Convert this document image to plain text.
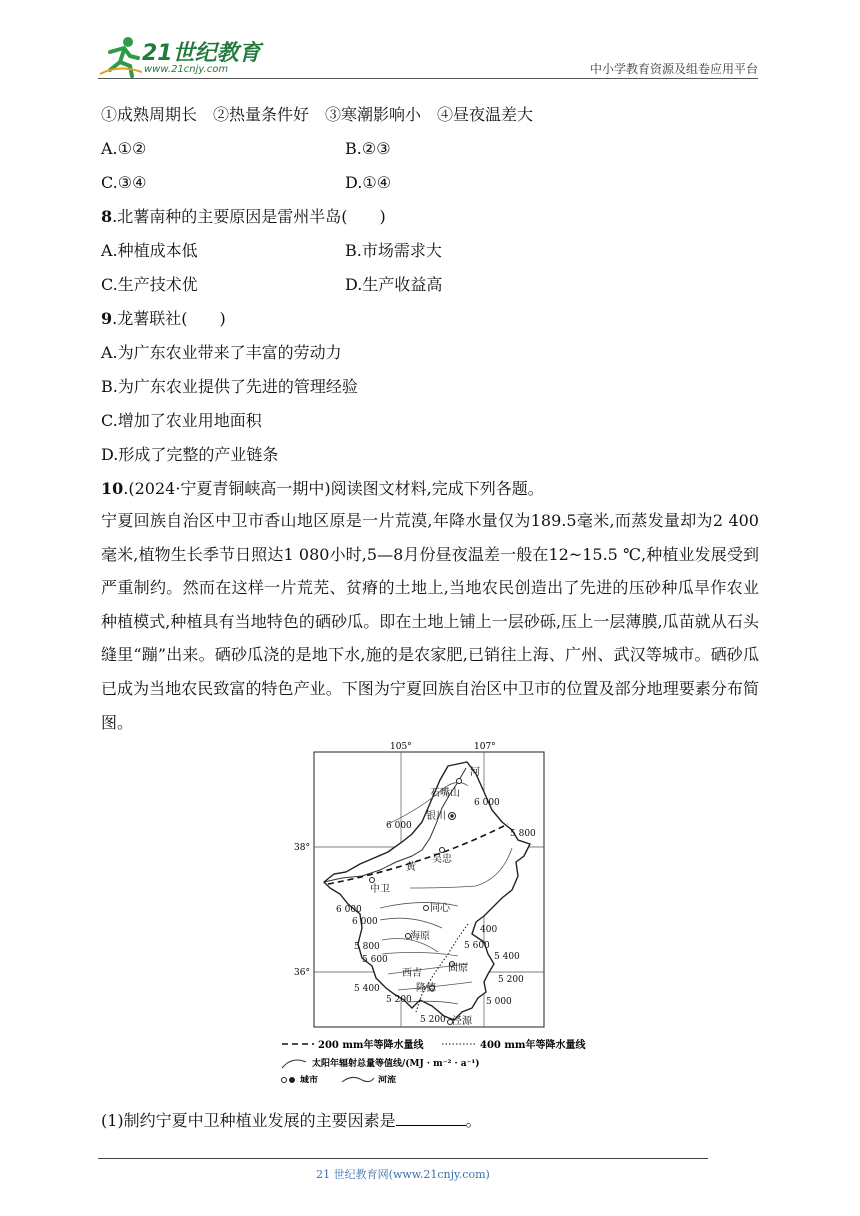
21世纪教育
www.21cnjy.com	中小学教育资源及组卷应用平台
①成熟周期长　②热量条件好　③寒潮影响小　④昼夜温差大
A.①②	B.②③
C.③④	D.①④
8.北薯南种的主要原因是雷州半岛(　　)
A.种植成本低	B.市场需求大
C.生产技术优	D.生产收益高
9.龙薯联社(　　)
A.为广东农业带来了丰富的劳动力
B.为广东农业提供了先进的管理经验
C.增加了农业用地面积
D.形成了完整的产业链条
10.(2024·宁夏青铜峡高一期中)阅读图文材料,完成下列各题。
宁夏回族自治区中卫市香山地区原是一片荒漠,年降水量仅为189.5毫米,而蒸发量却为2 400毫米,植物生长季节日照达1 080小时,5—8月份昼夜温差一般在12~15.5 ℃,种植业发展受到严重制约。然而在这样一片荒芜、贫瘠的土地上,当地农民创造出了先进的压砂种瓜旱作农业种植模式,种植具有当地特色的硒砂瓜。即在土地上铺上一层砂砾,压上一层薄膜,瓜苗就从石头缝里“蹦”出来。硒砂瓜浇的是地下水,施的是农家肥,已销往上海、广州、武汉等城市。硒砂瓜已成为当地农民致富的特色产业。下图为宁夏回族自治区中卫市的位置及部分地理要素分布简图。
105°	107°
38°
36°
石嘴山
银川
吴忠
中卫
同心
海原
固原
西吉
隆德
泾源
河
黄
6 000
6 000
5 800
6 000
6 000
5 800
5 600
400
5 600
5 400
5 400
5 200
5 200
5 000
5 200
200 mm年等降水量线	400 mm年等降水量线
太阳年辐射总量等值线/(MJ · m⁻² · a⁻¹)
城市	河流
(1)制约宁夏中卫种植业发展的主要因素是	。
21 世纪教育网(www.21cnjy.com)
